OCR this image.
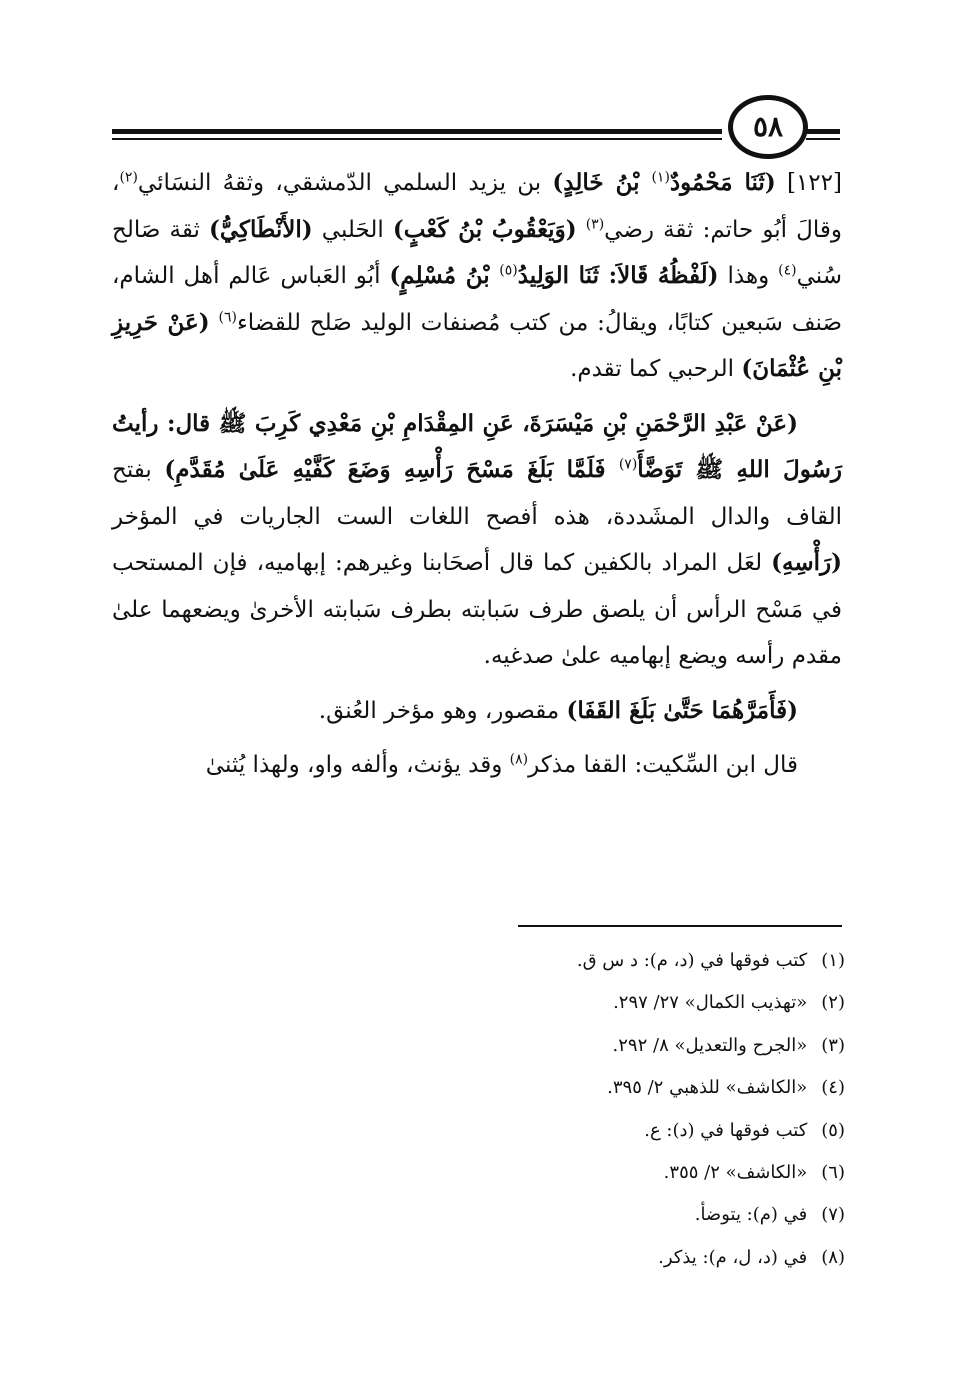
٥٨

[١٢٢] (ثَنَا مَحْمُودٌ$^{(١)}$ بْنُ خَالِدٍ) بن يزيد السلمي الدّمشقي، وثقهُ النسَائي$^{(٢)}$، وقالَ أبُو حاتم: ثقة رضي$^{(٣)}$ (وَيَعْقُوبُ بْنُ كَعْبٍ) الحَلبي (الأَنْطَاكِيُّ) ثقة صَالح سُني$^{(٤)}$ وهذا (لَفْظُهُ قَالاَ: ثَنَا الوَلِيدُ$^{(٥)}$ بْنُ مُسْلِمٍ) أبُو العَباس عَالم أهل الشام، صَنف سَبعين كتابًا، ويقالُ: من كتب مُصنفات الوليد صَلح للقضاء$^{(٦)}$ (عَنْ حَرِيزِ بْنِ عُثْمَانَ) الرحبي كما تقدم.

(عَنْ عَبْدِ الرَّحْمَنِ بْنِ مَيْسَرَةَ، عَنِ المِقْدَامِ بْنِ مَعْدِي كَرِبَ ﷺ قال: رأيتُ رَسُولَ اللهِ ﷺ تَوَضَّأَ$^{(٧)}$ فَلَمَّا بَلَغَ مَسْحَ رَأْسِهِ وَضَعَ كَفَّيْهِ عَلَىٰ مُقَدَّمِ) بفتح القاف والدال المشَددة، هذه أفصح اللغات الست الجاريات في المؤخر (رَأْسِهِ) لعَل المراد بالكفين كما قال أصحَابنا وغيرهم: إبهاميه، فإن المستحب في مَسْح الرأس أن يلصق طرف سَبابته بطرف سَبابته الأخرىٰ ويضعهما علىٰ مقدم رأسه ويضع إبهاميه علىٰ صدغيه.

(فَأَمَرَّهُمَا حَتَّىٰ بَلَغَ القَفَا) مقصور، وهو مؤخر العُنق.

قال ابن السِّكيت: القفا مذكر$^{(٨)}$ وقد يؤنث، وألفه واو، ولهذا يُثنىٰ

(١) كتب فوقها في (د، م): د س ق.
(٢) «تهذيب الكمال» ٢٧/ ٢٩٧.
(٣) «الجرح والتعديل» ٨/ ٢٩٢.
(٤) «الكاشف» للذهبي ٢/ ٣٩٥.
(٥) كتب فوقها في (د): ع.
(٦) «الكاشف» ٢/ ٣٥٥.
(٧) في (م): يتوضأ.
(٨) في (د، ل، م): يذكر.
